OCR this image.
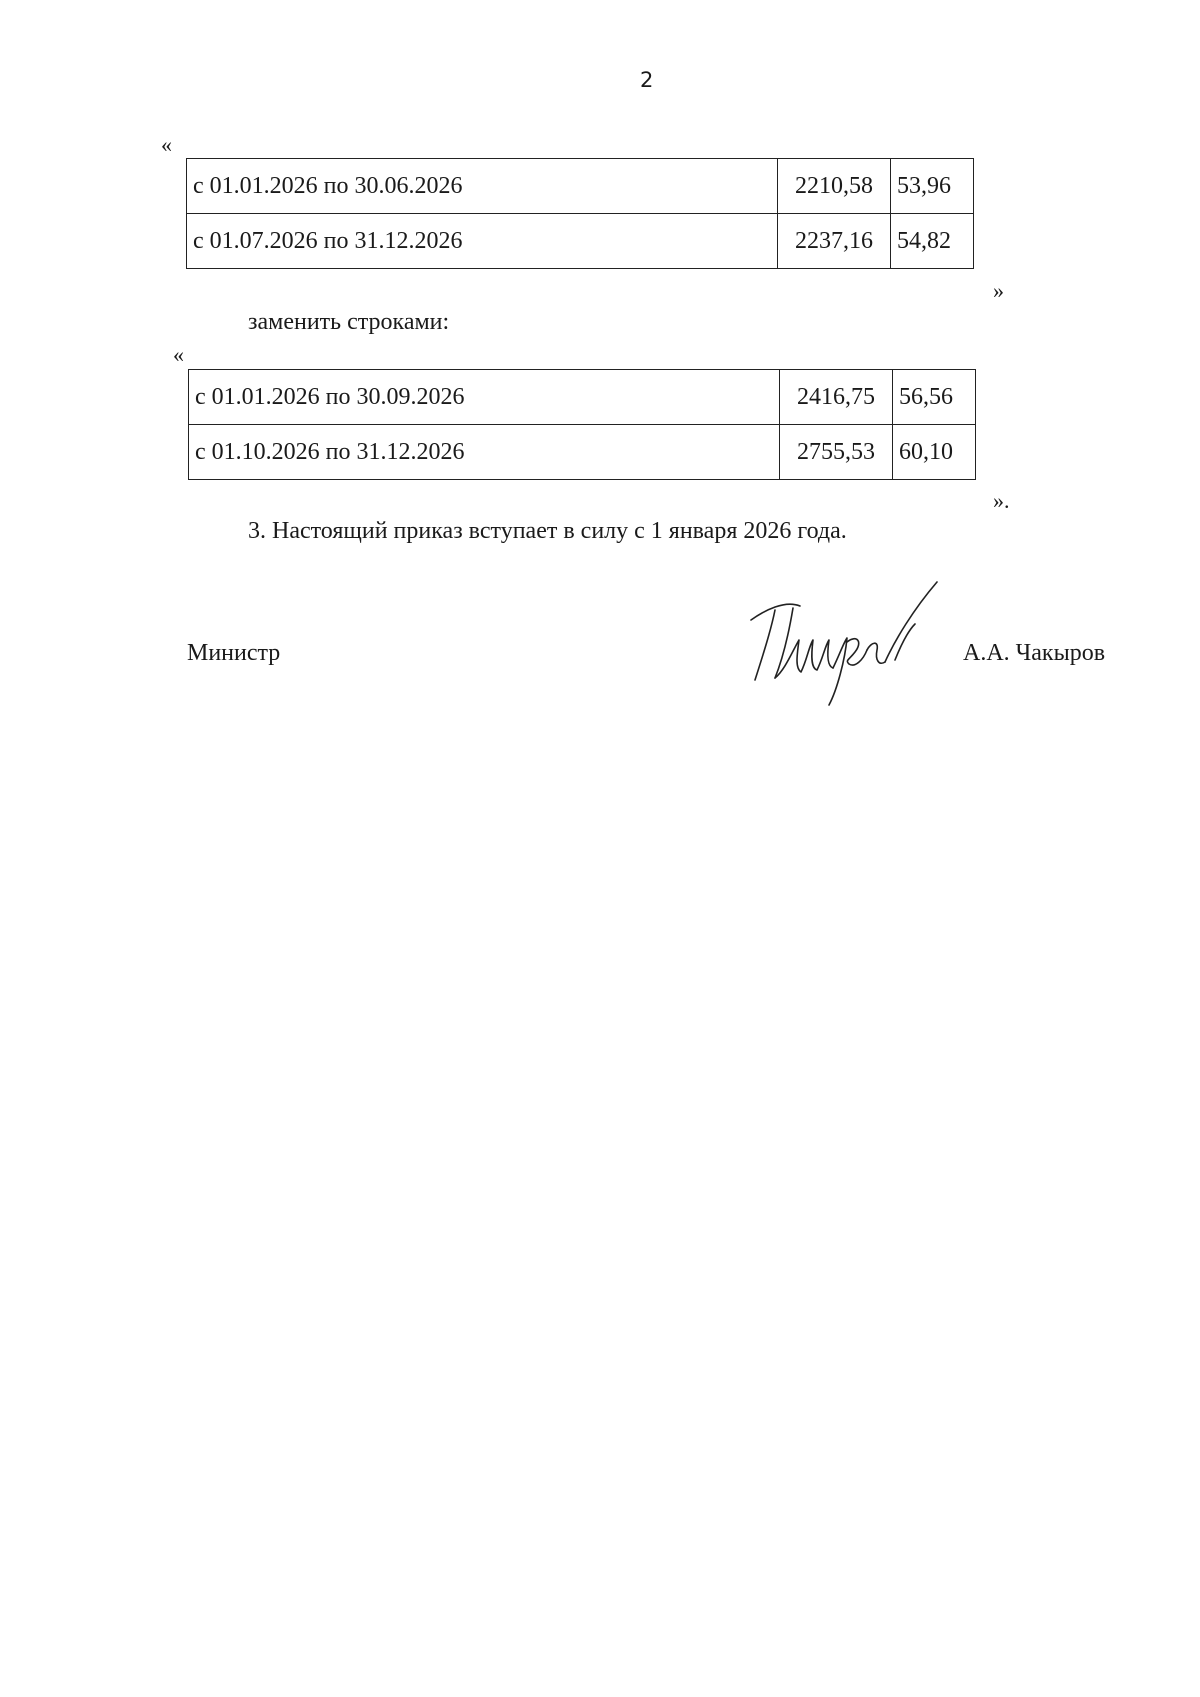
2
«
с 01.01.2026 по 30.06.2026	2210,58	53,96
с 01.07.2026 по 31.12.2026	2237,16	54,82
»
заменить строками:
«
с 01.01.2026 по 30.09.2026	2416,75	56,56
с 01.10.2026 по 31.12.2026	2755,53	60,10
».
3. Настоящий приказ вступает в силу с 1 января 2026 года.
Министр	А.А. Чакыров
